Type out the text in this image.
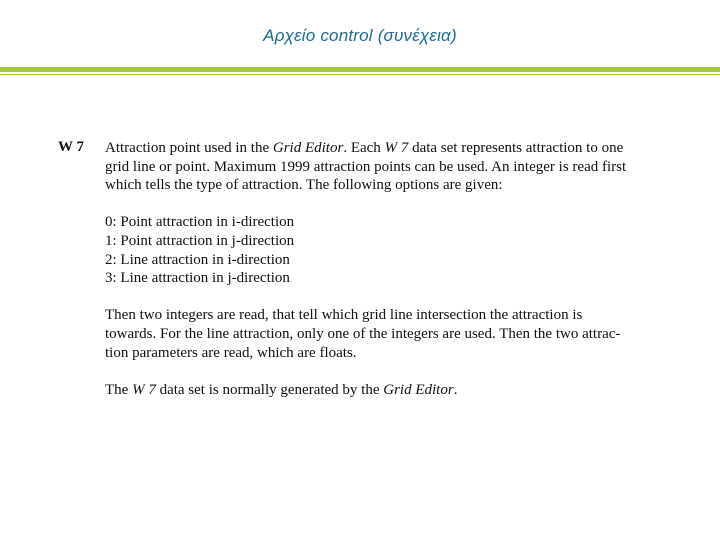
Αρχείο control (συνέχεια)
W 7 Attraction point used in the Grid Editor. Each W 7 data set represents attraction to one
grid line or point. Maximum 1999 attraction points can be used. An integer is read first
which tells the type of attraction. The following options are given:

0: Point attraction in i-direction
1: Point attraction in j-direction
2: Line attraction in i-direction
3: Line attraction in j-direction

Then two integers are read, that tell which grid line intersection the attraction is
towards. For the line attraction, only one of the integers are used. Then the two attrac-
tion parameters are read, which are floats.

The W 7 data set is normally generated by the Grid Editor.
